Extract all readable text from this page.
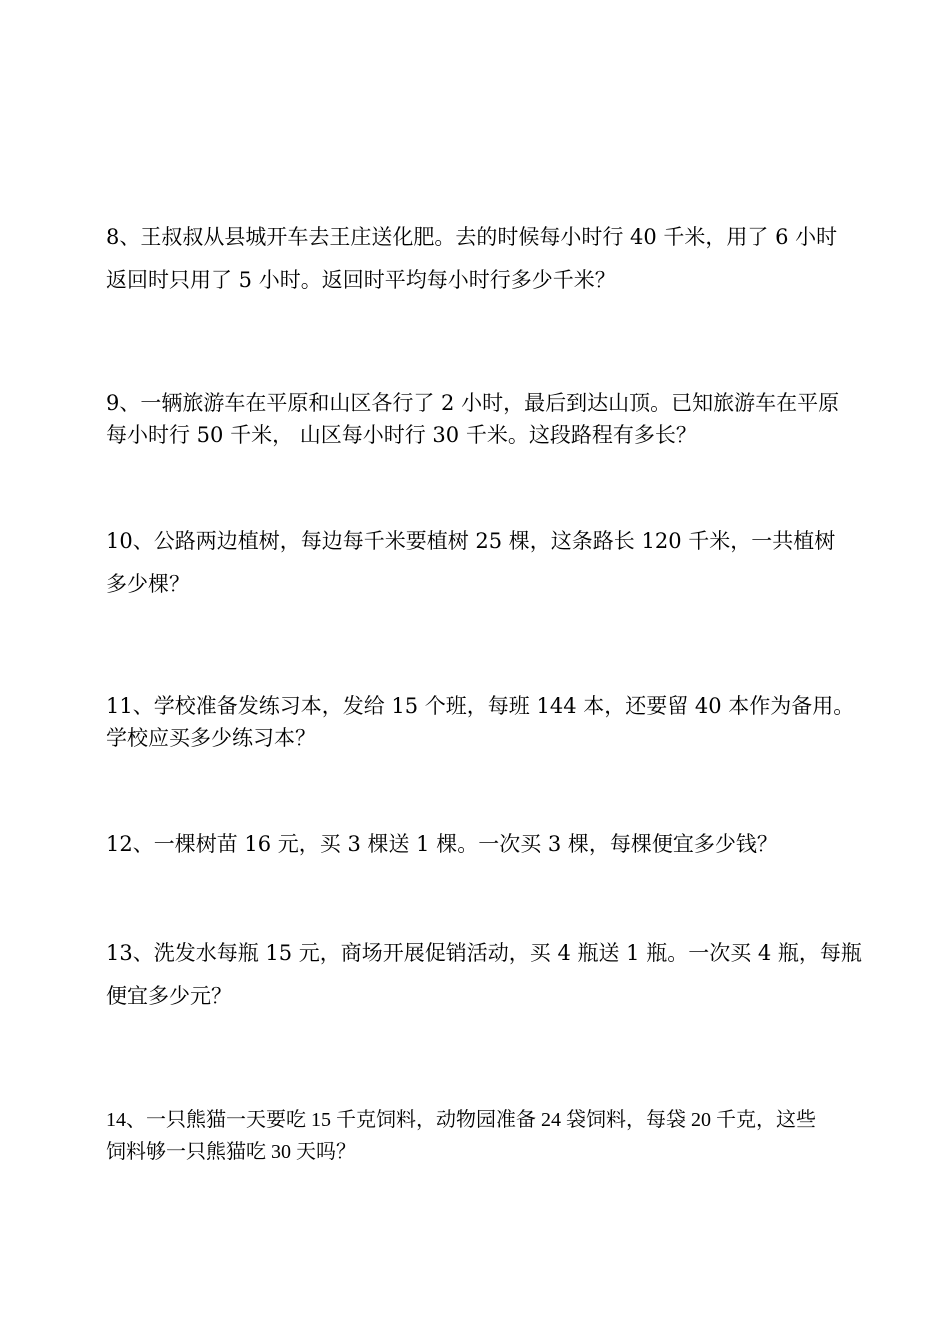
8、王叔叔从县城开车去王庄送化肥。去的时候每小时行 40 千米，用了 6 小时
返回时只用了 5 小时。返回时平均每小时行多少千米？
9、一辆旅游车在平原和山区各行了 2 小时，最后到达山顶。已知旅游车在平原
每小时行 50 千米， 山区每小时行 30 千米。这段路程有多长？
10、公路两边植树，每边每千米要植树 25 棵，这条路长 120 千米，一共植树
多少棵？
11、学校准备发练习本，发给 15 个班，每班 144 本，还要留 40 本作为备用。
学校应买多少练习本？
12、一棵树苗 16 元，买 3 棵送 1 棵。一次买 3 棵，每棵便宜多少钱？
13、洗发水每瓶 15 元，商场开展促销活动，买 4 瓶送 1 瓶。一次买 4 瓶，每瓶
便宜多少元？
14、一只熊猫一天要吃 15 千克饲料，动物园准备 24 袋饲料，每袋 20 千克，这些
饲料够一只熊猫吃 30 天吗？
